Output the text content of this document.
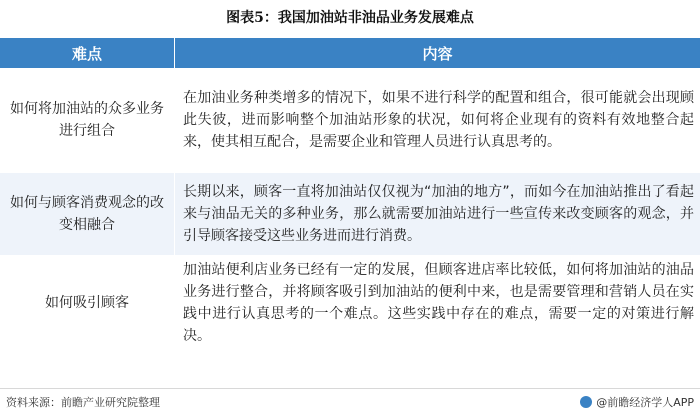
图表5：我国加油站非油品业务发展难点
难点	内容
如何将加油站的众多业务进行组合
在加油业务种类增多的情况下，如果不进行科学的配置和组合，很可能就会出现顾此失彼，进而影响整个加油站形象的状况，如何将企业现有的资料有效地整合起来，使其相互配合，是需要企业和管理人员进行认真思考的。
如何与顾客消费观念的改变相融合
长期以来，顾客一直将加油站仅仅视为“加油的地方”，而如今在加油站推出了看起来与油品无关的多种业务，那么就需要加油站进行一些宣传来改变顾客的观念，并引导顾客接受这些业务进而进行消费。
如何吸引顾客
加油站便利店业务已经有一定的发展，但顾客进店率比较低，如何将加油站的油品业务进行整合，并将顾客吸引到加油站的便利中来，也是需要管理和营销人员在实践中进行认真思考的一个难点。这些实践中存在的难点，需要一定的对策进行解决。
资料来源：前瞻产业研究院整理	@前瞻经济学人APP
